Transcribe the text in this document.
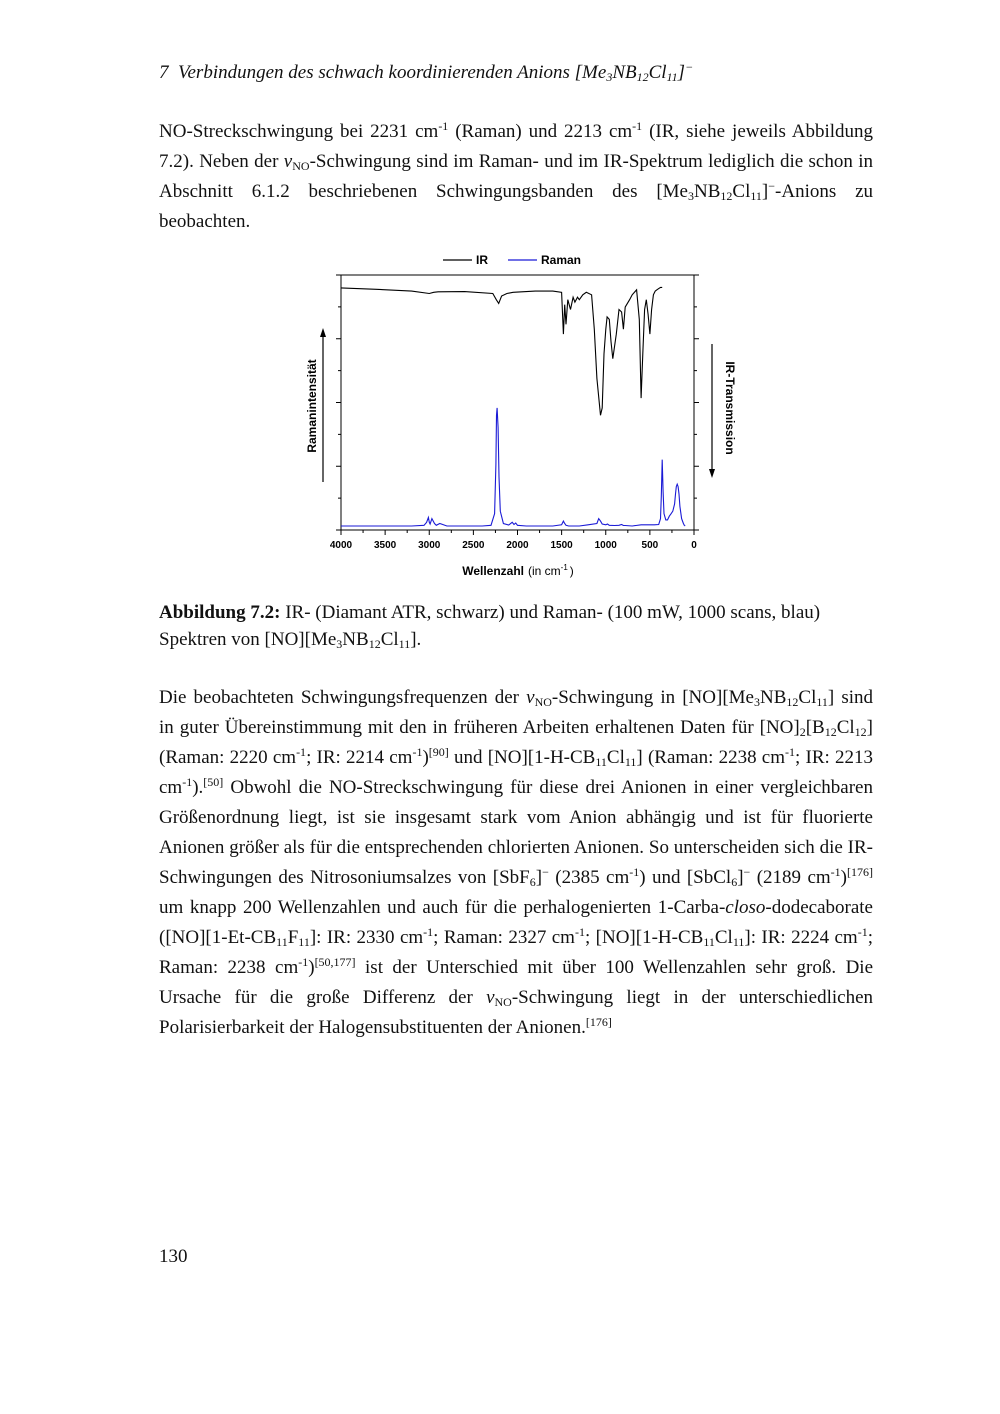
7 Verbindungen des schwach koordinierenden Anions $[Me_3NB_{12}Cl_{11}]^-$
NO-Streckschwingung bei 2231 $cm^{-1}$ (Raman) und 2213 $cm^{-1}$ (IR, siehe jeweils Abbildung 7.2). Neben der $\nu_{NO}$-Schwingung sind im Raman- und im IR-Spektrum lediglich die schon in Abschnitt 6.1.2 beschriebenen Schwingungsbanden des $[Me_3NB_{12}Cl_{11}]^-$-Anions zu beobachten.
IR	Raman
4000 3500 3000 2500 2000 1500 1000 500	0
Ramanintensität	IR-Transmission
Wellenzahl (in $cm^{-1}$ )
Abbildung 7.2: IR- (Diamant ATR, schwarz) und Raman- (100 mW, 1000 scans, blau) Spektren von $[NO][Me_3NB_{12}Cl_{11}]$.
Die beobachteten Schwingungsfrequenzen der $\nu_{NO}$-Schwingung in $[NO][Me_3NB_{12}Cl_{11}]$ sind in guter Übereinstimmung mit den in früheren Arbeiten erhaltenen Daten für $[NO]_2[B_{12}Cl_{12}]$ (Raman: 2220 $cm^{-1}$; IR: 2214 $cm^{-1})[90]$ und $[NO][1-H-CB_{11}Cl_{11}]$ (Raman: 2238 $cm^{-1}$; IR: 2213 $cm^{-1}).[50]$ Obwohl die NO-Streckschwingung für diese drei Anionen in einer vergleichbaren Größenordnung liegt, ist sie insgesamt stark vom Anion abhängig und ist für fluorierte Anionen größer als für die entsprechenden chlorierten Anionen. So unterscheiden sich die IR-Schwingungen des Nitrosoniumsalzes von [SbF$_6$]− (2385 $cm^{-1}$) und [SbCl$_6$]− (2189 $cm^{-1})[176]$ um knapp 200 Wellenzahlen und auch für die perhalogenierten 1-Carba-closo-dodecaborate ($[NO][1-Et-CB_{11}F_{11}]$: IR: 2330 $cm^{-1}$; Raman: 2327 $cm^{-1}$; $[NO][1-H-CB_{11}Cl_{11}]$: IR: 2224 $cm^{-1}$; Raman: 2238 $cm^{-1})[50,177]$ ist der Unterschied mit über 100 Wellenzahlen sehr groß. Die Ursache für die große Differenz der $\nu_{NO}$-Schwingung liegt in der unterschiedlichen Polarisierbarkeit der Halogensubstituenten der Anionen.[176]
130
